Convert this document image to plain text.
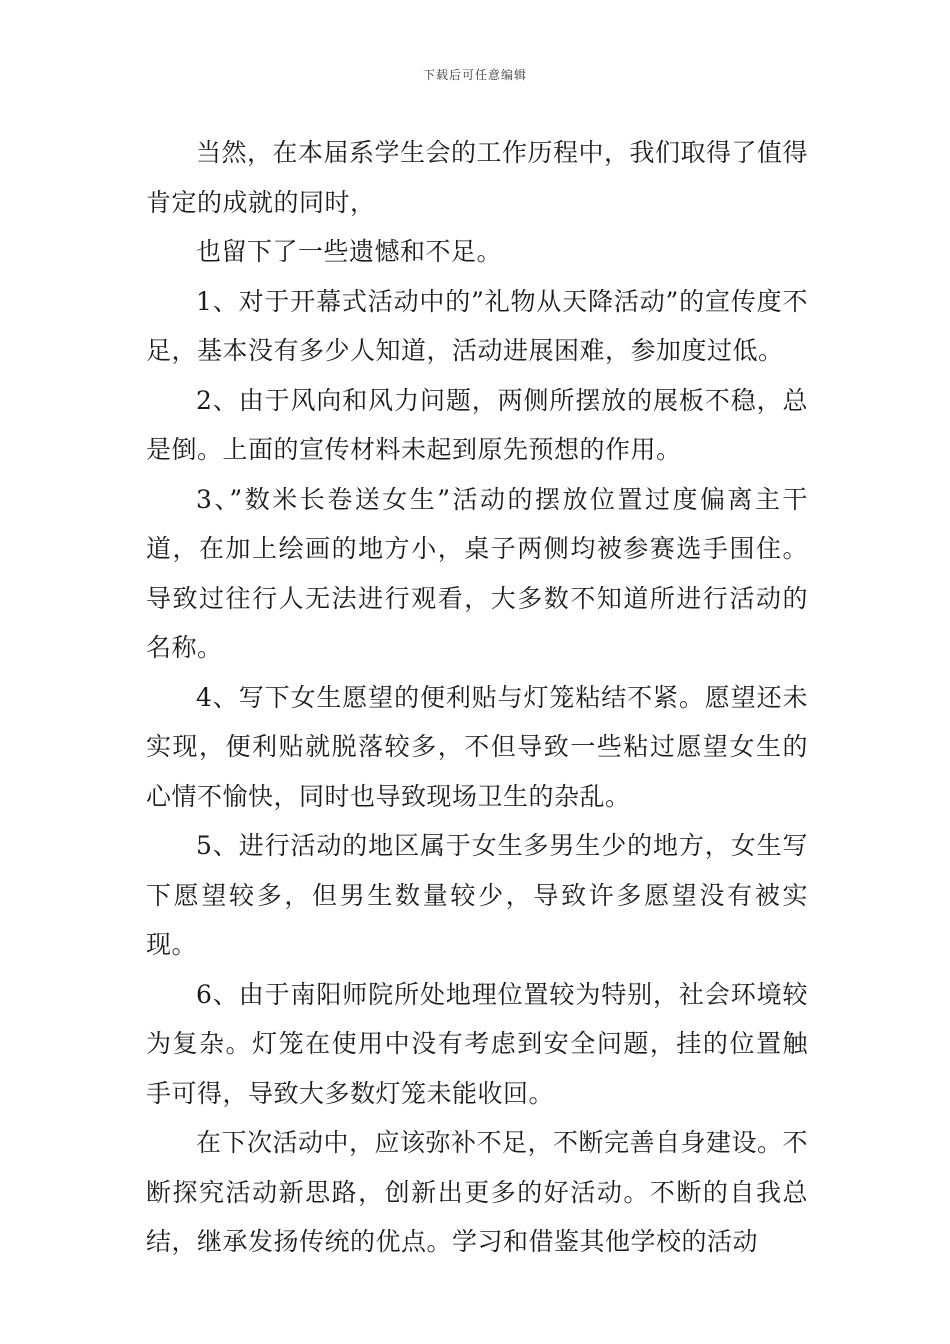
下载后可任意编辑

当然，在本届系学生会的工作历程中，我们取得了值得肯定的成就的同时，

也留下了一些遗憾和不足。

1、对于开幕式活动中的”礼物从天降活动”的宣传度不足，基本没有多少人知道，活动进展困难，参加度过低。

2、由于风向和风力问题，两侧所摆放的展板不稳，总是倒。上面的宣传材料未起到原先预想的作用。

3、”数米长卷送女生”活动的摆放位置过度偏离主干道，在加上绘画的地方小，桌子两侧均被参赛选手围住。导致过往行人无法进行观看，大多数不知道所进行活动的名称。

4、写下女生愿望的便利贴与灯笼粘结不紧。愿望还未实现，便利贴就脱落较多，不但导致一些粘过愿望女生的心情不愉快，同时也导致现场卫生的杂乱。

5、进行活动的地区属于女生多男生少的地方，女生写下愿望较多，但男生数量较少，导致许多愿望没有被实现。

6、由于南阳师院所处地理位置较为特别，社会环境较为复杂。灯笼在使用中没有考虑到安全问题，挂的位置触手可得，导致大多数灯笼未能收回。

在下次活动中，应该弥补不足，不断完善自身建设。不断探究活动新思路，创新出更多的好活动。不断的自我总结，继承发扬传统的优点。学习和借鉴其他学校的活动
